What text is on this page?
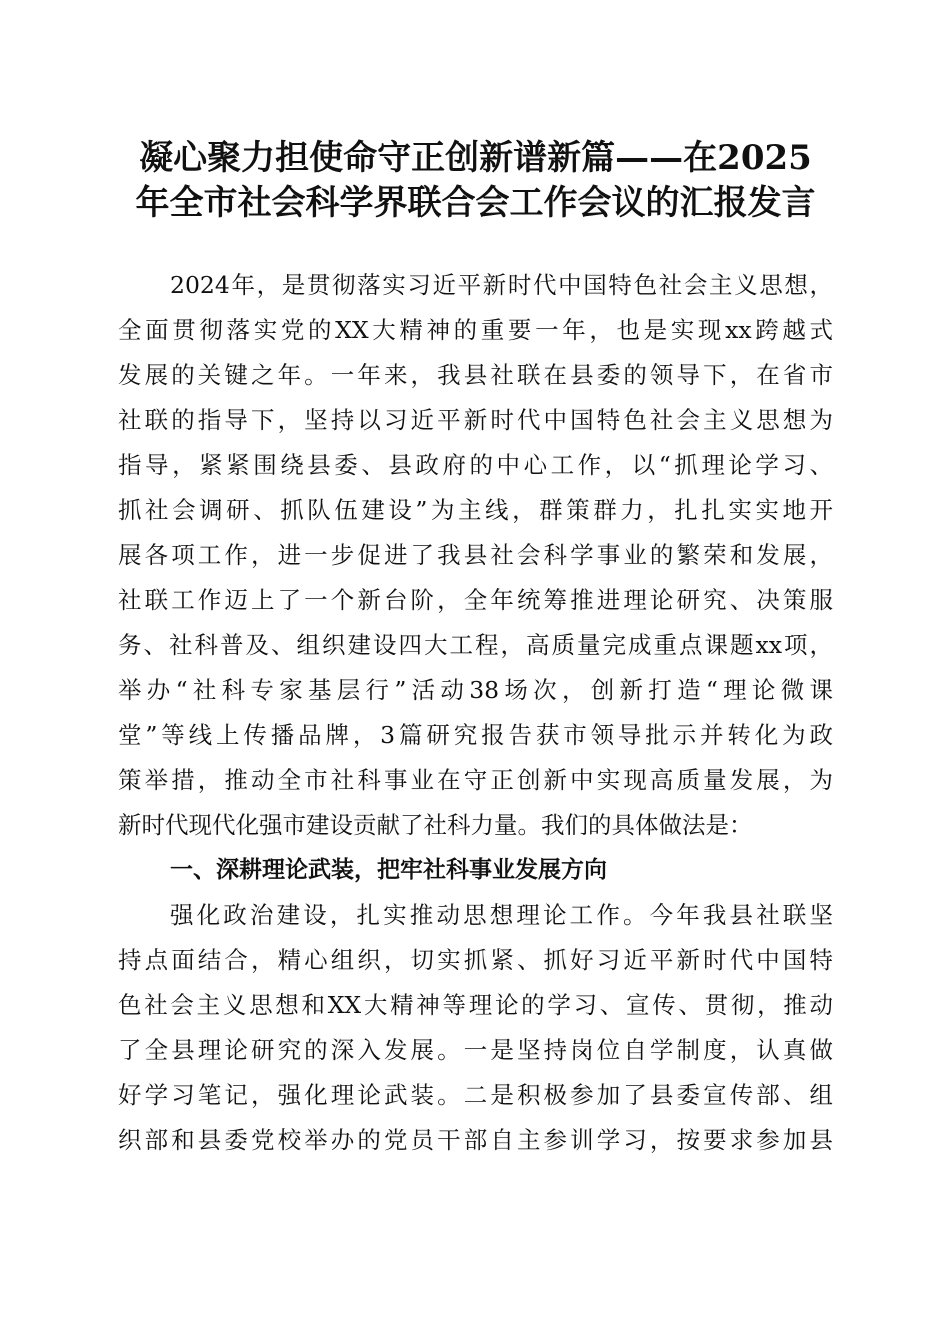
凝心聚力担使命守正创新谱新篇——在2025
年全市社会科学界联合会工作会议的汇报发言
2024年，是贯彻落实习近平新时代中国特色社会主义思想，
全面贯彻落实党的XX大精神的重要一年，也是实现xx跨越式
发展的关键之年。一年来，我县社联在县委的领导下，在省市
社联的指导下，坚持以习近平新时代中国特色社会主义思想为
指导，紧紧围绕县委、县政府的中心工作，以“抓理论学习、
抓社会调研、抓队伍建设”为主线，群策群力，扎扎实实地开
展各项工作，进一步促进了我县社会科学事业的繁荣和发展，
社联工作迈上了一个新台阶，全年统筹推进理论研究、决策服
务、社科普及、组织建设四大工程，高质量完成重点课题xx项，
举办“社科专家基层行”活动38场次，创新打造“理论微课
堂”等线上传播品牌，3篇研究报告获市领导批示并转化为政
策举措，推动全市社科事业在守正创新中实现高质量发展，为
新时代现代化强市建设贡献了社科力量。我们的具体做法是：
一、深耕理论武装，把牢社科事业发展方向
强化政治建设，扎实推动思想理论工作。今年我县社联坚
持点面结合，精心组织，切实抓紧、抓好习近平新时代中国特
色社会主义思想和XX大精神等理论的学习、宣传、贯彻，推动
了全县理论研究的深入发展。一是坚持岗位自学制度，认真做
好学习笔记，强化理论武装。二是积极参加了县委宣传部、组
织部和县委党校举办的党员干部自主参训学习，按要求参加县
